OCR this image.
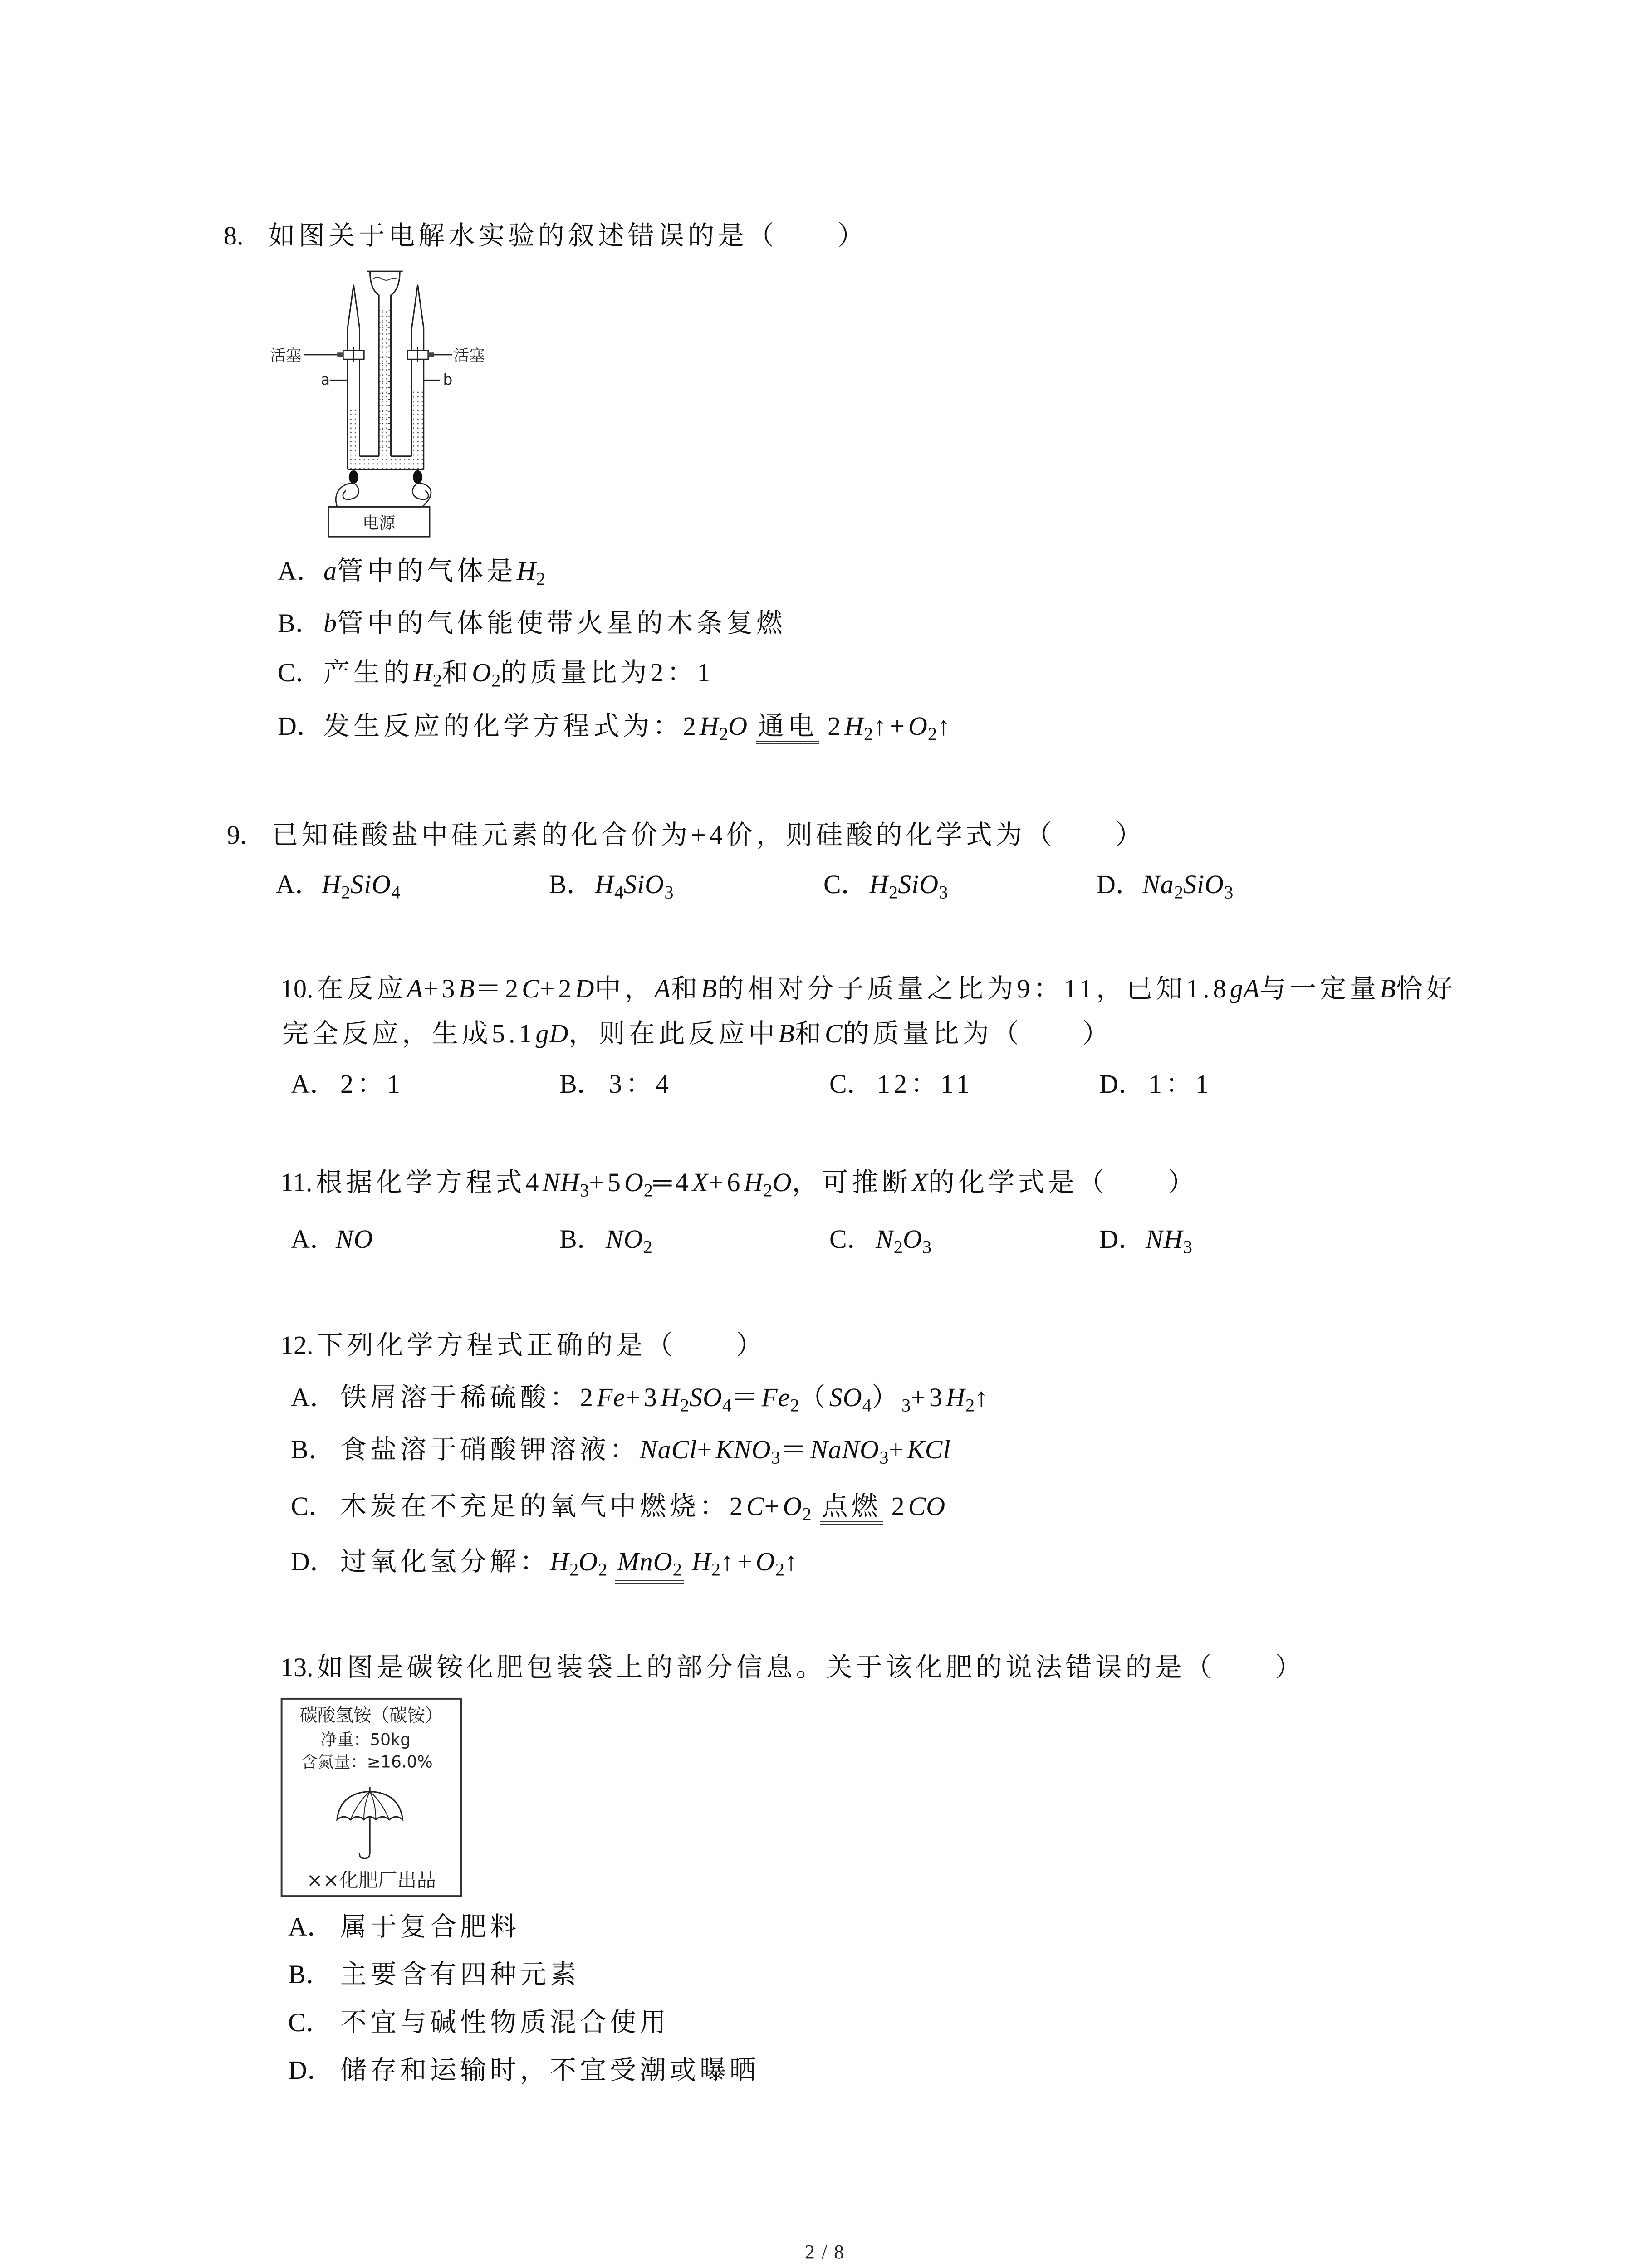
8. 如图关于电解水实验的叙述错误的是（　　）
活塞	活塞
a	b
电源
A．a管中的气体是H2
B．b管中的气体能使带火星的木条复燃
C．产生的H2和O2的质量比为2：1
D．发生反应的化学方程式为：2H2O 通电 2H2↑+O2↑
9. 已知硅酸盐中硅元素的化合价为+4价，则硅酸的化学式为（　　）
A．H2SiO4	B．H4SiO3	C．H2SiO3	D．Na2SiO3
10. 在反应A+3B＝2C+2D中，A和B的相对分子质量之比为9：11，已知1.8gA与一定量B恰好
完全反应，生成5.1gD，则在此反应中B和C的质量比为（　　）
A． 2：1	B． 3：4	C． 12：11	D． 1：1
11. 根据化学方程式4NH3+5O2═4X+6H2O，可推断X的化学式是（　　）
A．NO	B．NO2	C．N2O3	D．NH3
12. 下列化学方程式正确的是（　　）
A． 铁屑溶于稀硫酸：2Fe+3H2SO4＝Fe2（SO4）3+3H2↑
B． 食盐溶于硝酸钾溶液：NaCl+KNO3＝NaNO3+KCl
C． 木炭在不充足的氧气中燃烧：2C+O2 点燃 2CO
D． 过氧化氢分解：H2O2 MnO2 H2↑+O2↑
13. 如图是碳铵化肥包装袋上的部分信息。关于该化肥的说法错误的是（　　）
碳酸氢铵（碳铵）
净重：50kg
含氮量：≥16.0%
××化肥厂出品
A． 属于复合肥料
B． 主要含有四种元素
C． 不宜与碱性物质混合使用
D． 储存和运输时，不宜受潮或曝晒
2 / 8
